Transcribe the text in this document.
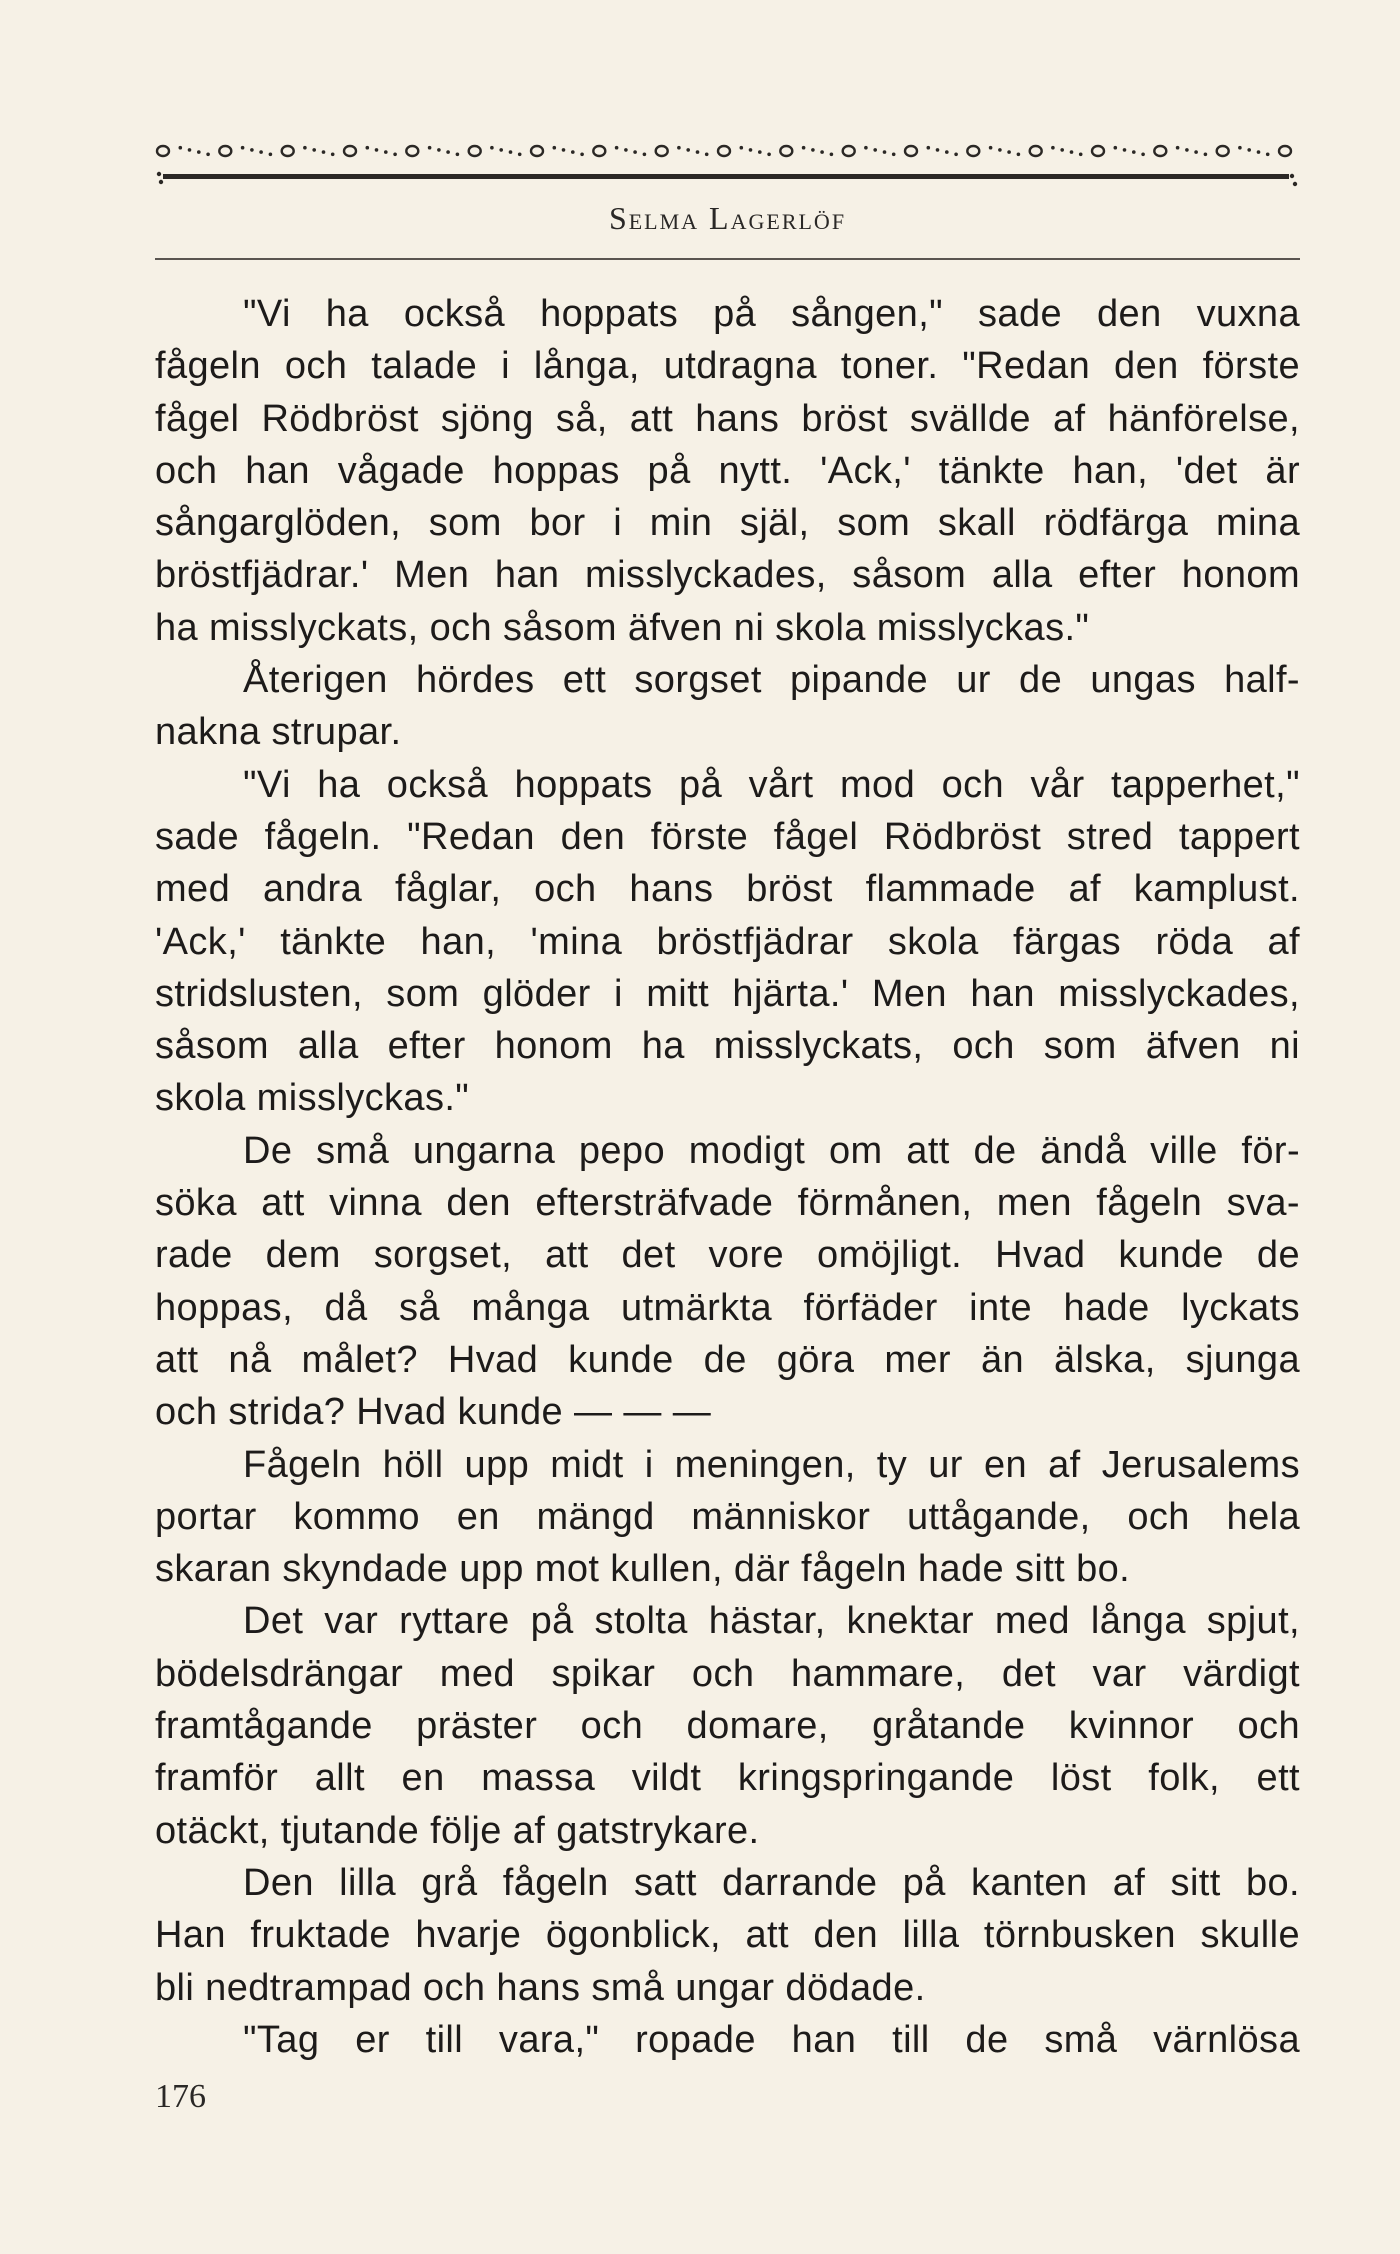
Selma Lagerlöf
"Vi ha också hoppats på sången," sade den vuxna
fågeln och talade i långa, utdragna toner. "Redan den förste
fågel Rödbröst sjöng så, att hans bröst svällde af hänförelse,
och han vågade hoppas på nytt. 'Ack,' tänkte han, 'det är
sångarglöden, som bor i min själ, som skall rödfärga mina
bröstfjädrar.' Men han misslyckades, såsom alla efter honom
ha misslyckats, och såsom äfven ni skola misslyckas."
Återigen hördes ett sorgset pipande ur de ungas half-
nakna strupar.
"Vi ha också hoppats på vårt mod och vår tapperhet,"
sade fågeln. "Redan den förste fågel Rödbröst stred tappert
med andra fåglar, och hans bröst flammade af kamplust.
'Ack,' tänkte han, 'mina bröstfjädrar skola färgas röda af
stridslusten, som glöder i mitt hjärta.' Men han misslyckades,
såsom alla efter honom ha misslyckats, och som äfven ni
skola misslyckas."
De små ungarna pepo modigt om att de ändå ville för-
söka att vinna den eftersträfvade förmånen, men fågeln sva-
rade dem sorgset, att det vore omöjligt. Hvad kunde de
hoppas, då så många utmärkta förfäder inte hade lyckats
att nå målet? Hvad kunde de göra mer än älska, sjunga
och strida? Hvad kunde — — —
Fågeln höll upp midt i meningen, ty ur en af Jerusalems
portar kommo en mängd människor uttågande, och hela
skaran skyndade upp mot kullen, där fågeln hade sitt bo.
Det var ryttare på stolta hästar, knektar med långa spjut,
bödelsdrängar med spikar och hammare, det var värdigt
framtågande präster och domare, gråtande kvinnor och
framför allt en massa vildt kringspringande löst folk, ett
otäckt, tjutande följe af gatstrykare.
Den lilla grå fågeln satt darrande på kanten af sitt bo.
Han fruktade hvarje ögonblick, att den lilla törnbusken skulle
bli nedtrampad och hans små ungar dödade.
"Tag er till vara," ropade han till de små värnlösa
176
